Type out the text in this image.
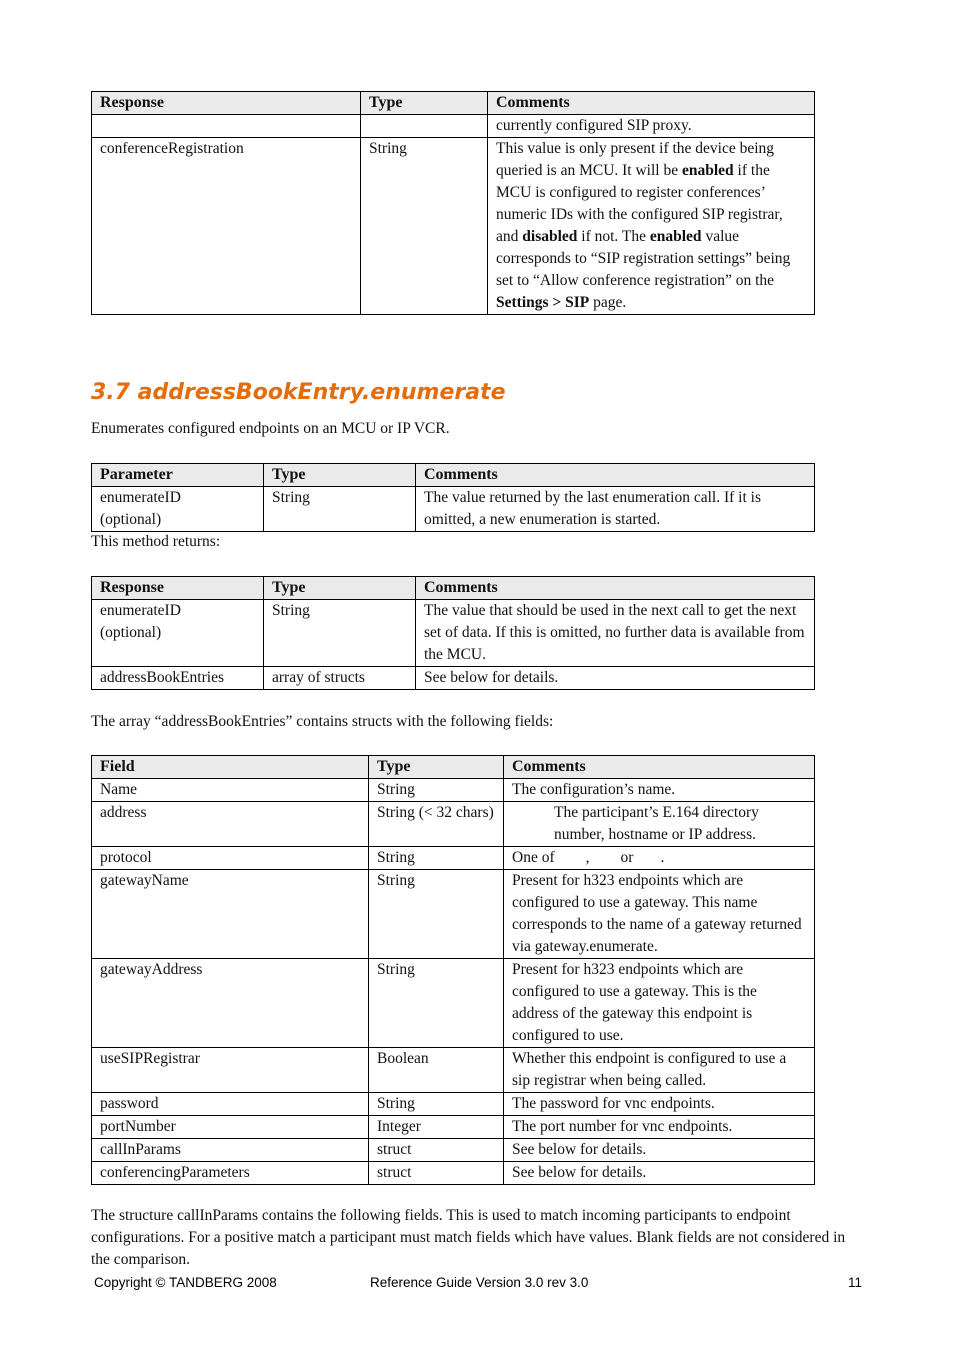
Response	Type	Comments
		currently configured SIP proxy.
conferenceRegistration	String	This value is only present if the device being queried is an MCU. It will be enabled if the MCU is configured to register conferences’ numeric IDs with the configured SIP registrar, and disabled if not. The enabled value corresponds to “SIP registration settings” being set to “Allow conference registration” on the Settings > SIP page.
3.7 addressBookEntry.enumerate
Enumerates configured endpoints on an MCU or IP VCR.
Parameter	Type	Comments
enumerateID
(optional)	String	The value returned by the last enumeration call. If it is omitted, a new enumeration is started.
This method returns:
Response	Type	Comments
enumerateID
(optional)	String	The value that should be used in the next call to get the next set of data. If this is omitted, no further data is available from the MCU.
addressBookEntries	array of structs	See below for details.
The array “addressBookEntries” contains structs with the following fields:
Field	Type	Comments
Name	String	The configuration’s name.
address	String (< 32 chars)	The participant’s E.164 directory number, hostname or IP address.
protocol	String	One of        ,        or       .
gatewayName	String	Present for h323 endpoints which are configured to use a gateway. This name corresponds to the name of a gateway returned via gateway.enumerate.
gatewayAddress	String	Present for h323 endpoints which are configured to use a gateway. This is the address of the gateway this endpoint is configured to use.
useSIPRegistrar	Boolean	Whether this endpoint is configured to use a sip registrar when being called.
password	String	The password for vnc endpoints.
portNumber	Integer	The port number for vnc endpoints.
callInParams	struct	See below for details.
conferencingParameters	struct	See below for details.
The structure callInParams contains the following fields. This is used to match incoming participants to endpoint configurations. For a positive match a participant must match fields which have values. Blank fields are not considered in the comparison.
Copyright © TANDBERG 2008	Reference Guide Version 3.0 rev 3.0	11
